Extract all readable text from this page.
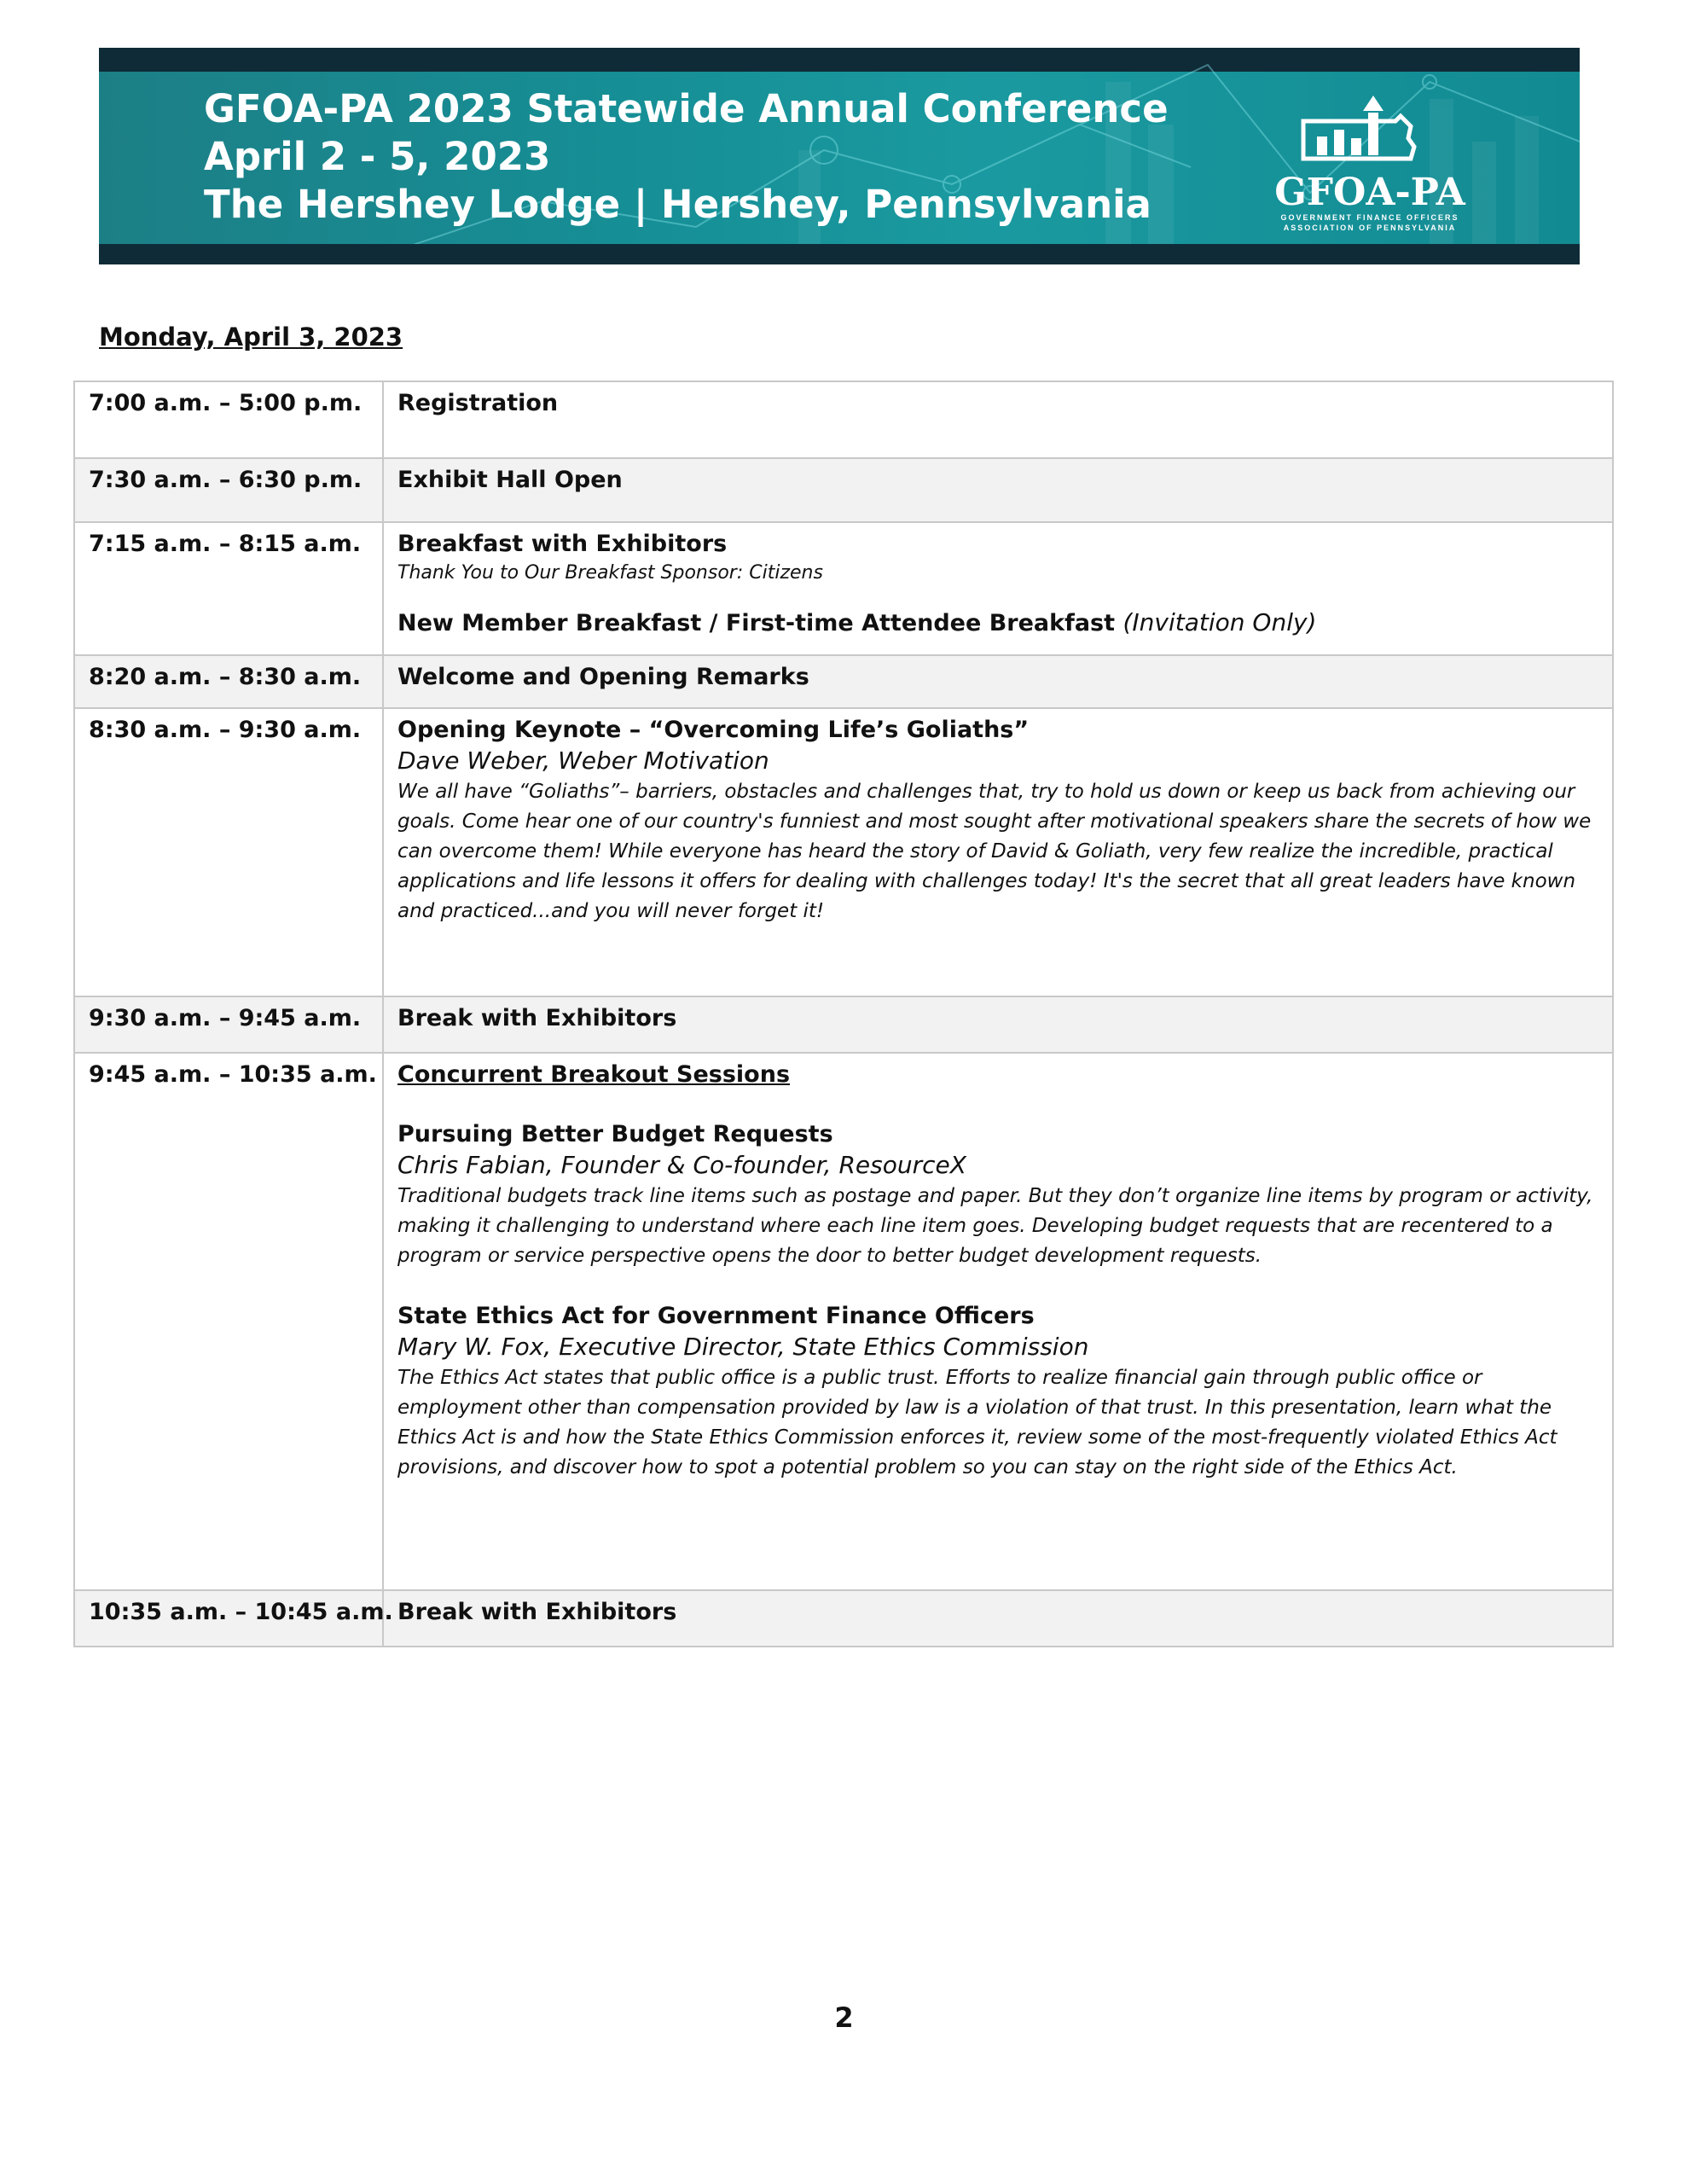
GFOA-PA 2023 Statewide Annual Conference
April 2 - 5, 2023
The Hershey Lodge | Hershey, Pennsylvania	GFOA-PA
GOVERNMENT FINANCE OFFICERS
ASSOCIATION OF PENNSYLVANIA
Monday, April 3, 2023
7:00 a.m. – 5:00 p.m.	Registration
7:30 a.m. – 6:30 p.m.	Exhibit Hall Open
7:15 a.m. – 8:15 a.m.	Breakfast with Exhibitors
Thank You to Our Breakfast Sponsor: Citizens
New Member Breakfast / First-time Attendee Breakfast (Invitation Only)
8:20 a.m. – 8:30 a.m.	Welcome and Opening Remarks
8:30 a.m. – 9:30 a.m.	Opening Keynote – “Overcoming Life’s Goliaths”
Dave Weber, Weber Motivation
We all have “Goliaths”– barriers, obstacles and challenges that, try to hold us down or keep us back from achieving our goals. Come hear one of our country's funniest and most sought after motivational speakers share the secrets of how we can overcome them! While everyone has heard the story of David & Goliath, very few realize the incredible, practical applications and life lessons it offers for dealing with challenges today! It's the secret that all great leaders have known and practiced...and you will never forget it!
9:30 a.m. – 9:45 a.m.	Break with Exhibitors
9:45 a.m. – 10:35 a.m. Concurrent Breakout Sessions
Pursuing Better Budget Requests
Chris Fabian, Founder & Co-founder, ResourceX
Traditional budgets track line items such as postage and paper. But they don’t organize line items by program or activity, making it challenging to understand where each line item goes. Developing budget requests that are recentered to a program or service perspective opens the door to better budget development requests.
State Ethics Act for Government Finance Officers
Mary W. Fox, Executive Director, State Ethics Commission
The Ethics Act states that public office is a public trust. Efforts to realize financial gain through public office or employment other than compensation provided by law is a violation of that trust. In this presentation, learn what the Ethics Act is and how the State Ethics Commission enforces it, review some of the most-frequently violated Ethics Act provisions, and discover how to spot a potential problem so you can stay on the right side of the Ethics Act.
10:35 a.m. – 10:45 a.m. Break with Exhibitors
2
